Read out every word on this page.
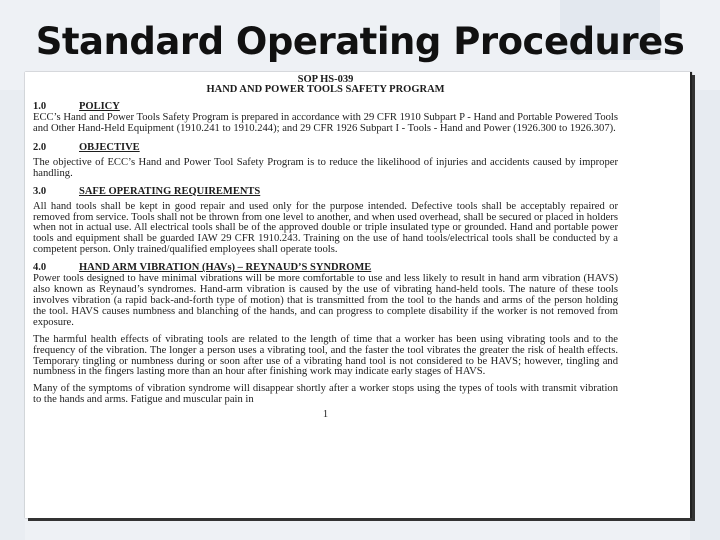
Standard Operating Procedures
SOP HS-039
HAND AND POWER TOOLS SAFETY PROGRAM
1.0	POLICY
ECC’s Hand and Power Tools Safety Program is prepared in accordance with 29 CFR 1910 Subpart P - Hand and Portable Powered Tools and Other Hand-Held Equipment (1910.241 to 1910.244); and 29 CFR 1926 Subpart I - Tools - Hand and Power (1926.300 to 1926.307).
2.0	OBJECTIVE
The objective of ECC’s Hand and Power Tool Safety Program is to reduce the likelihood of injuries and accidents caused by improper handling.
3.0	SAFE OPERATING REQUIREMENTS
All hand tools shall be kept in good repair and used only for the purpose intended. Defective tools shall be acceptably repaired or removed from service. Tools shall not be thrown from one level to another, and when used overhead, shall be secured or placed in holders when not in actual use. All electrical tools shall be of the approved double or triple insulated type or grounded. Hand and portable power tools and equipment shall be guarded IAW 29 CFR 1910.243. Training on the use of hand tools/electrical tools shall be conducted by a competent person. Only trained/qualified employees shall operate tools.
4.0	HAND ARM VIBRATION (HAVs) – REYNAUD’S SYNDROME
Power tools designed to have minimal vibrations will be more comfortable to use and less likely to result in hand arm vibration (HAVS) also known as Reynaud’s syndromes. Hand-arm vibration is caused by the use of vibrating hand-held tools. The nature of these tools involves vibration (a rapid back-and-forth type of motion) that is transmitted from the tool to the hands and arms of the person holding the tool. HAVS causes numbness and blanching of the hands, and can progress to complete disability if the worker is not removed from exposure.
The harmful health effects of vibrating tools are related to the length of time that a worker has been using vibrating tools and to the frequency of the vibration. The longer a person uses a vibrating tool, and the faster the tool vibrates the greater the risk of health effects. Temporary tingling or numbness during or soon after use of a vibrating hand tool is not considered to be HAVS; however, tingling and numbness in the fingers lasting more than an hour after finishing work may indicate early stages of HAVS.
Many of the symptoms of vibration syndrome will disappear shortly after a worker stops using the types of tools with transmit vibration to the hands and arms. Fatigue and muscular pain in
1
